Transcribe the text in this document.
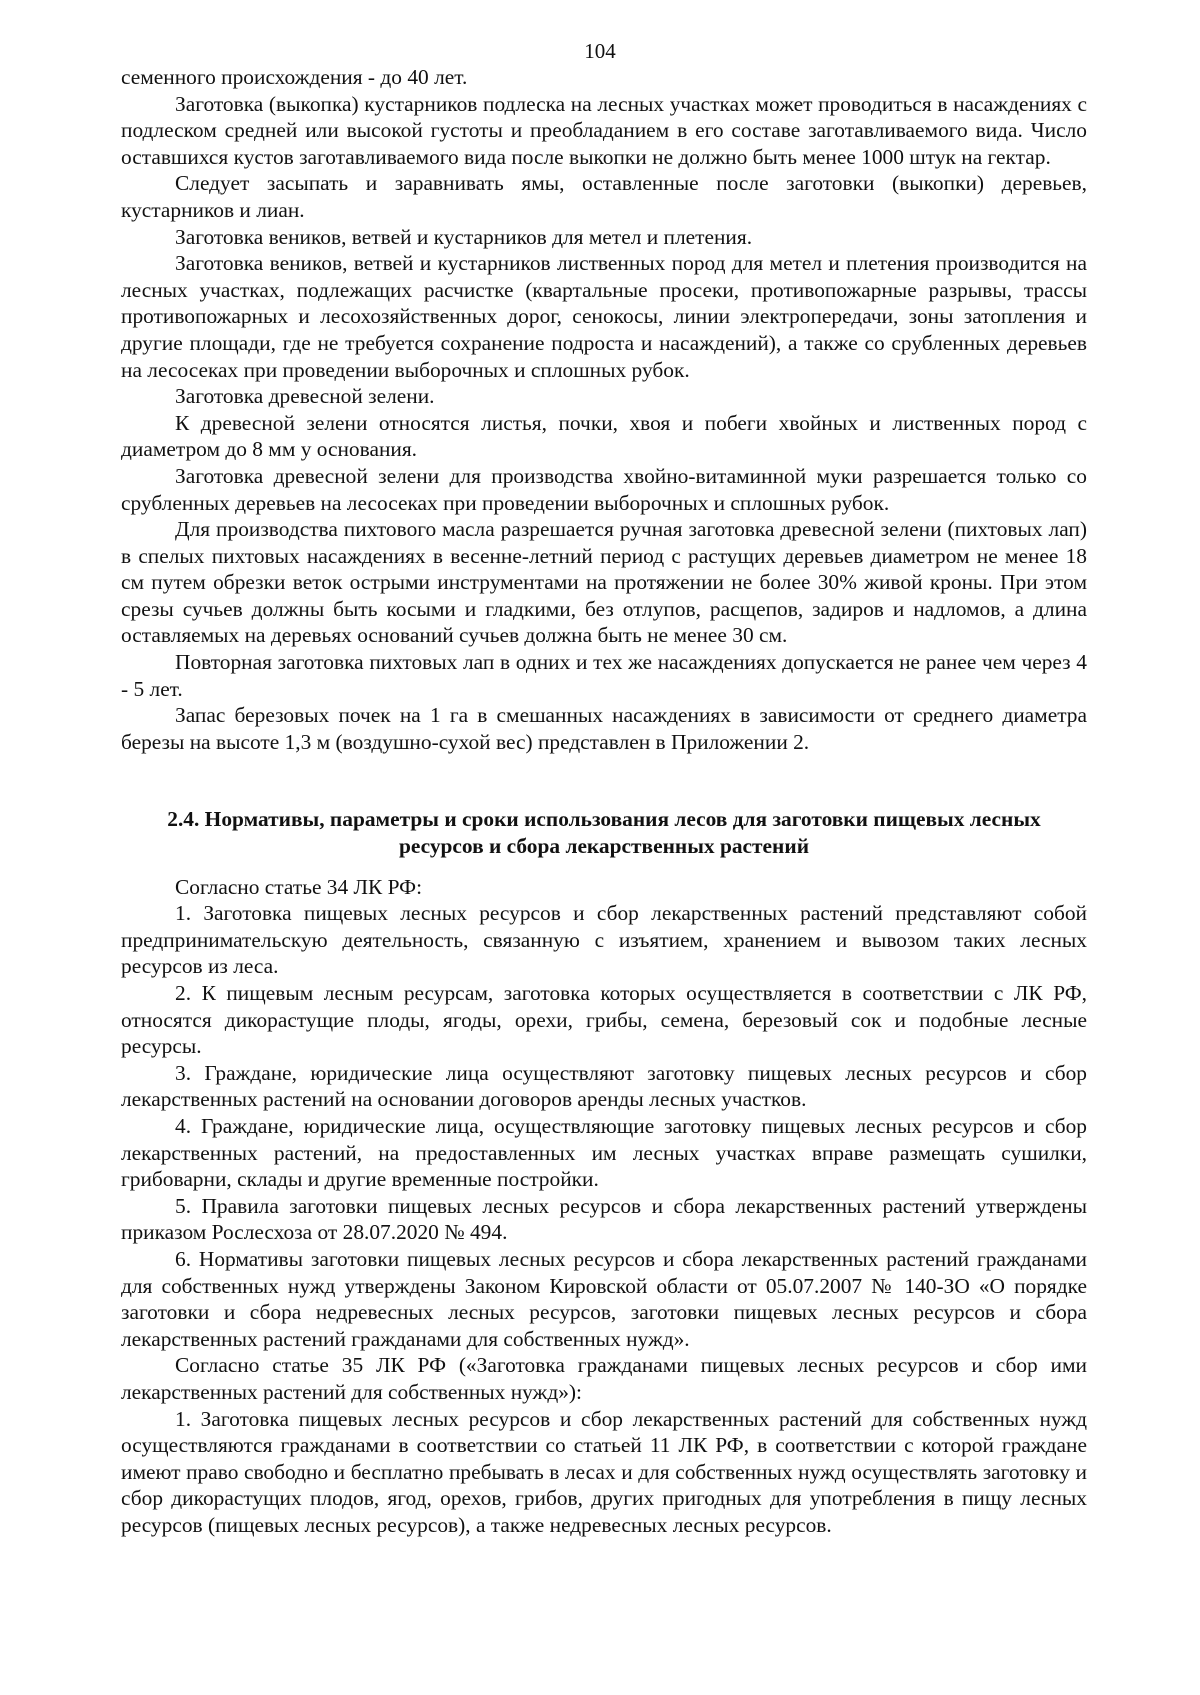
104

семенного происхождения - до 40 лет.

Заготовка (выкопка) кустарников подлеска на лесных участках может проводиться в насаждениях с подлеском средней или высокой густоты и преобладанием в его составе заготавливаемого вида. Число оставшихся кустов заготавливаемого вида после выкопки не должно быть менее 1000 штук на гектар.

Следует засыпать и заравнивать ямы, оставленные после заготовки (выкопки) деревьев, кустарников и лиан.

Заготовка веников, ветвей и кустарников для метел и плетения.

Заготовка веников, ветвей и кустарников лиственных пород для метел и плетения производится на лесных участках, подлежащих расчистке (квартальные просеки, противопожарные разрывы, трассы противопожарных и лесохозяйственных дорог, сенокосы, линии электропередачи, зоны затопления и другие площади, где не требуется сохранение подроста и насаждений), а также со срубленных деревьев на лесосеках при проведении выборочных и сплошных рубок.

Заготовка древесной зелени.

К древесной зелени относятся листья, почки, хвоя и побеги хвойных и лиственных пород с диаметром до 8 мм у основания.

Заготовка древесной зелени для производства хвойно-витаминной муки разрешается только со срубленных деревьев на лесосеках при проведении выборочных и сплошных рубок.

Для производства пихтового масла разрешается ручная заготовка древесной зелени (пихтовых лап) в спелых пихтовых насаждениях в весенне-летний период с растущих деревьев диаметром не менее 18 см путем обрезки веток острыми инструментами на протяжении не более 30% живой кроны. При этом срезы сучьев должны быть косыми и гладкими, без отлупов, расщепов, задиров и надломов, а длина оставляемых на деревьях оснований сучьев должна быть не менее 30 см.

Повторная заготовка пихтовых лап в одних и тех же насаждениях допускается не ранее чем через 4 - 5 лет.

Запас березовых почек на 1 га в смешанных насаждениях в зависимости от среднего диаметра березы на высоте 1,3 м (воздушно-сухой вес) представлен в Приложении 2.

2.4. Нормативы, параметры и сроки использования лесов для заготовки пищевых лесных
ресурсов и сбора лекарственных растений

Согласно статье 34 ЛК РФ:

1. Заготовка пищевых лесных ресурсов и сбор лекарственных растений представляют собой предпринимательскую деятельность, связанную с изъятием, хранением и вывозом таких лесных ресурсов из леса.

2. К пищевым лесным ресурсам, заготовка которых осуществляется в соответствии с ЛК РФ, относятся дикорастущие плоды, ягоды, орехи, грибы, семена, березовый сок и подобные лесные ресурсы.

3. Граждане, юридические лица осуществляют заготовку пищевых лесных ресурсов и сбор лекарственных растений на основании договоров аренды лесных участков.

4. Граждане, юридические лица, осуществляющие заготовку пищевых лесных ресурсов и сбор лекарственных растений, на предоставленных им лесных участках вправе размещать сушилки, грибоварни, склады и другие временные постройки.

5. Правила заготовки пищевых лесных ресурсов и сбора лекарственных растений утверждены приказом Рослесхоза от 28.07.2020 № 494.

6. Нормативы заготовки пищевых лесных ресурсов и сбора лекарственных растений гражданами для собственных нужд утверждены Законом Кировской области от 05.07.2007 № 140-ЗО «О порядке заготовки и сбора недревесных лесных ресурсов, заготовки пищевых лесных ресурсов и сбора лекарственных растений гражданами для собственных нужд».

Согласно статье 35 ЛК РФ («Заготовка гражданами пищевых лесных ресурсов и сбор ими лекарственных растений для собственных нужд»):

1. Заготовка пищевых лесных ресурсов и сбор лекарственных растений для собственных нужд осуществляются гражданами в соответствии со статьей 11 ЛК РФ, в соответствии с которой граждане имеют право свободно и бесплатно пребывать в лесах и для собственных нужд осуществлять заготовку и сбор дикорастущих плодов, ягод, орехов, грибов, других пригодных для употребления в пищу лесных ресурсов (пищевых лесных ресурсов), а также недревесных лесных ресурсов.
